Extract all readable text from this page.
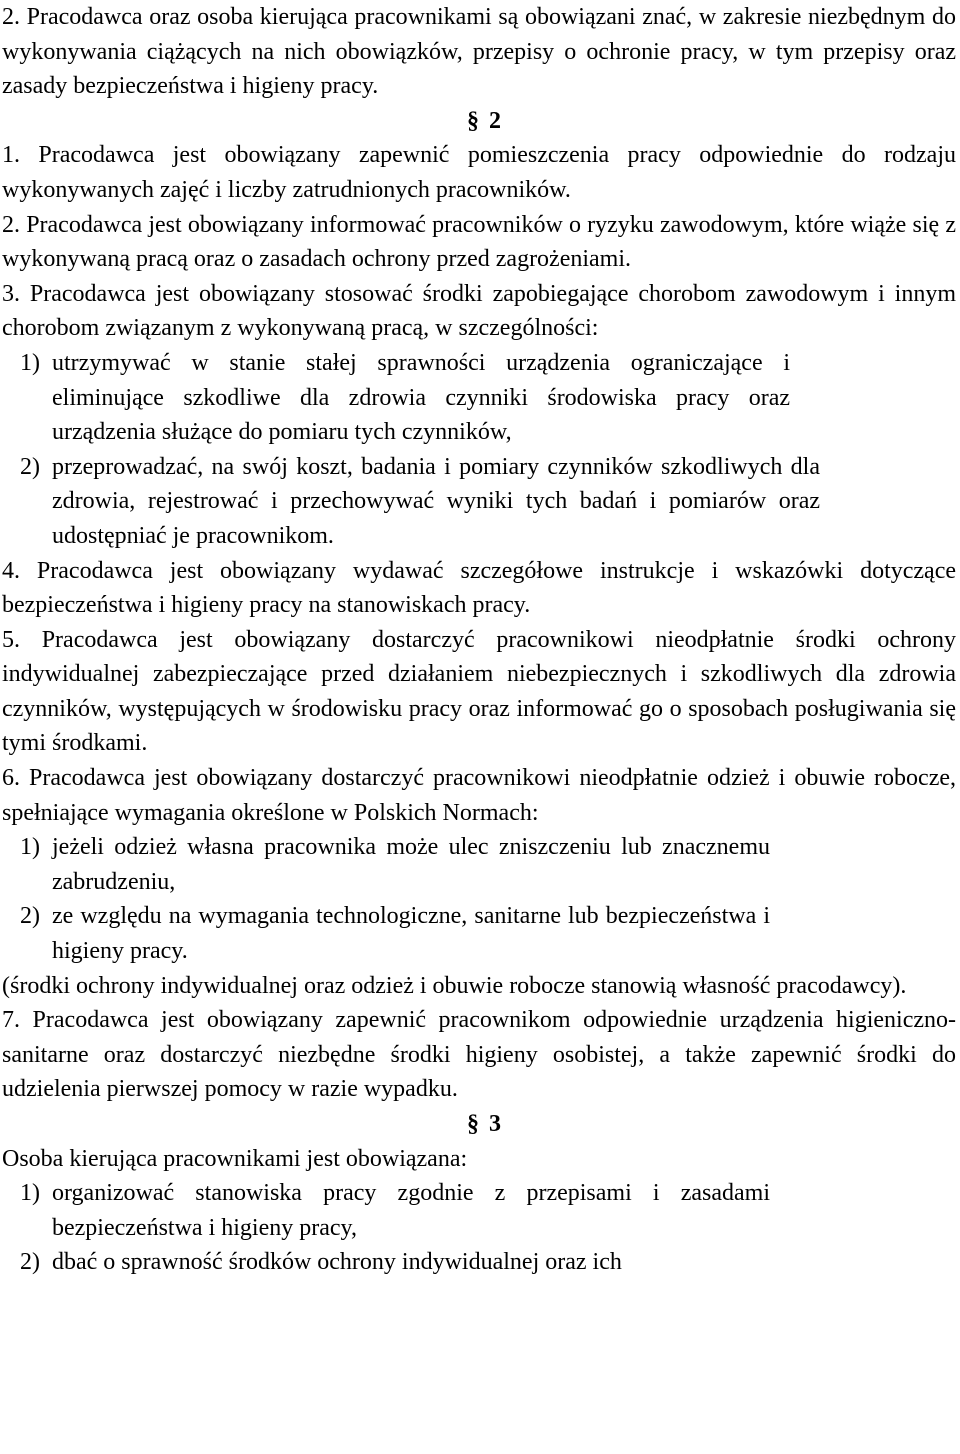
2. Pracodawca oraz osoba kierująca pracownikami są obowiązani znać, w zakresie niezbędnym do wykonywania ciążących na nich obowiązków, przepisy o ochronie pracy, w tym przepisy oraz zasady bezpieczeństwa i higieny pracy.

§ 2

1. Pracodawca jest obowiązany zapewnić pomieszczenia pracy odpowiednie do rodzaju wykonywanych zajęć i liczby zatrudnionych pracowników.

2. Pracodawca jest obowiązany informować pracowników o ryzyku zawodowym, które wiąże się z wykonywaną pracą oraz o zasadach ochrony przed zagrożeniami.

3. Pracodawca jest obowiązany stosować środki zapobiegające chorobom zawodowym i innym chorobom związanym z wykonywaną pracą, w szczególności:

1) utrzymywać w stanie stałej sprawności urządzenia ograniczające i eliminujące szkodliwe dla zdrowia czynniki środowiska pracy oraz urządzenia służące do pomiaru tych czynników,
2) przeprowadzać, na swój koszt, badania i pomiary czynników szkodliwych dla zdrowia, rejestrować i przechowywać wyniki tych badań i pomiarów oraz udostępniać je pracownikom.

4. Pracodawca jest obowiązany wydawać szczegółowe instrukcje i wskazówki dotyczące bezpieczeństwa i higieny pracy na stanowiskach pracy.

5. Pracodawca jest obowiązany dostarczyć pracownikowi nieodpłatnie środki ochrony indywidualnej zabezpieczające przed działaniem niebezpiecznych i szkodliwych dla zdrowia czynników, występujących w środowisku pracy oraz informować go o sposobach posługiwania się tymi środkami.

6. Pracodawca jest obowiązany dostarczyć pracownikowi nieodpłatnie odzież i obuwie robocze, spełniające wymagania określone w Polskich Normach:

1) jeżeli odzież własna pracownika może ulec zniszczeniu lub znacznemu zabrudzeniu,
2) ze względu na wymagania technologiczne, sanitarne lub bezpieczeństwa i higieny pracy.

(środki ochrony indywidualnej oraz odzież i obuwie robocze stanowią własność pracodawcy).

7. Pracodawca jest obowiązany zapewnić pracownikom odpowiednie urządzenia higieniczno-sanitarne oraz dostarczyć niezbędne środki higieny osobistej, a także zapewnić środki do udzielenia pierwszej pomocy w razie wypadku.

§ 3

Osoba kierująca pracownikami jest obowiązana:

1) organizować stanowiska pracy zgodnie z przepisami i zasadami bezpieczeństwa i higieny pracy,
2) dbać o sprawność środków ochrony indywidualnej oraz ich
